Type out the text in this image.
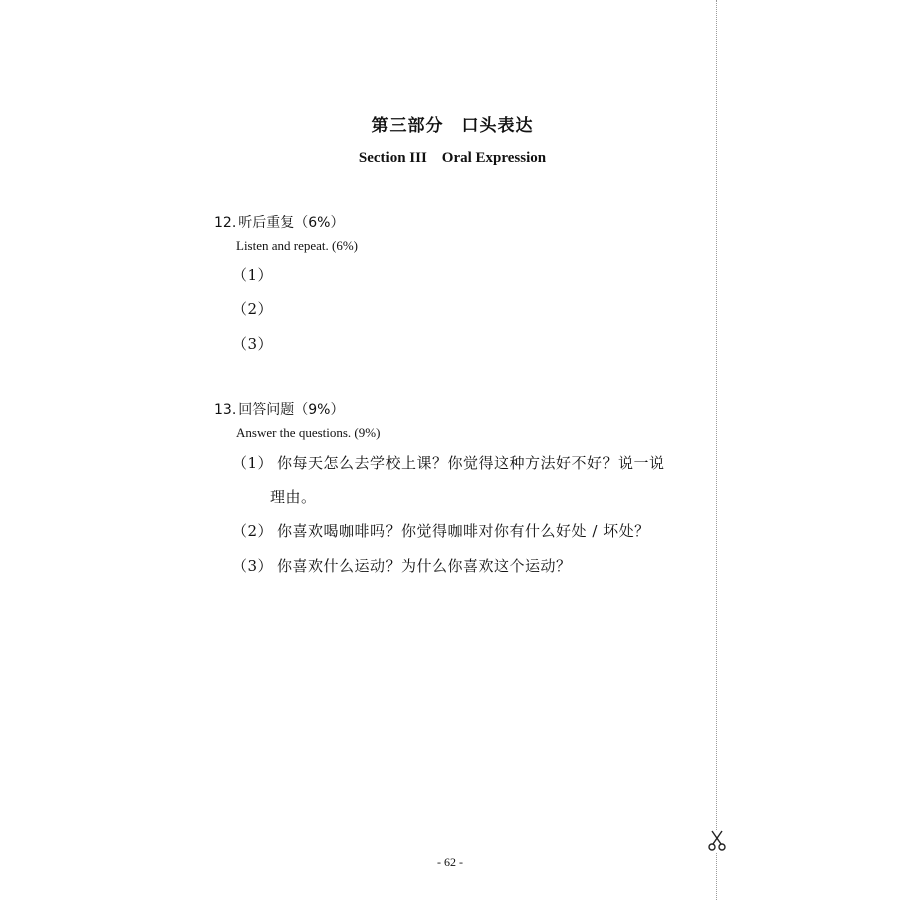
第三部分　口头表达
Section III　Oral Expression
12. 听后重复（6%）
Listen and repeat. (6%)
（1）
（2）
（3）
13. 回答问题（9%）
Answer the questions. (9%)
（1） 你每天怎么去学校上课？你觉得这种方法好不好？说一说
理由。
（2） 你喜欢喝咖啡吗？你觉得咖啡对你有什么好处 / 坏处？
（3） 你喜欢什么运动？为什么你喜欢这个运动？
- 62 -
